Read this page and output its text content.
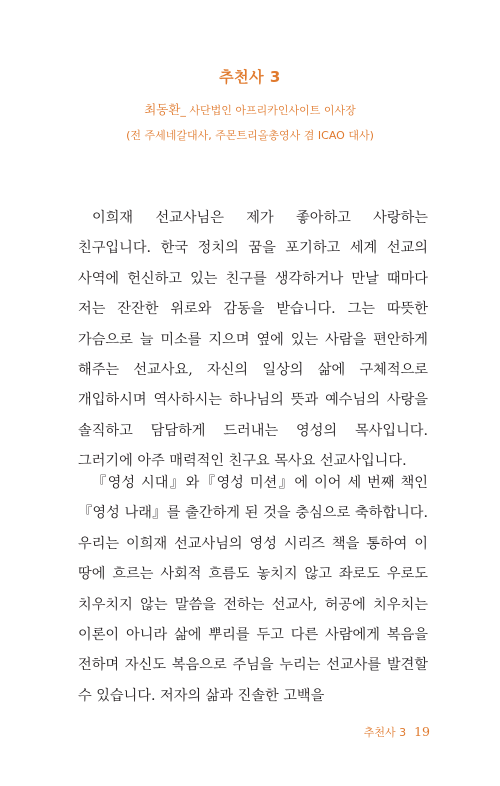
추천사 3
최동환_ 사단법인 아프리카인사이트 이사장
(전 주세네갈대사, 주몬트리올총영사 겸 ICAO 대사)

이희재 선교사님은 제가 좋아하고 사랑하는 친구입니다. 한국 정치의 꿈을 포기하고 세계 선교의 사역에 헌신하고 있는 친구를 생각하거나 만날 때마다 저는 잔잔한 위로와 감동을 받습니다. 그는 따뜻한 가슴으로 늘 미소를 지으며 옆에 있는 사람을 편안하게 해주는 선교사요, 자신의 일상의 삶에 구체적으로 개입하시며 역사하시는 하나님의 뜻과 예수님의 사랑을 솔직하고 담담하게 드러내는 영성의 목사입니다. 그러기에 아주 매력적인 친구요 목사요 선교사입니다.

『영성 시대』와『영성 미션』에 이어 세 번째 책인『영성 나래』를 출간하게 된 것을 충심으로 축하합니다. 우리는 이희재 선교사님의 영성 시리즈 책을 통하여 이 땅에 흐르는 사회적 흐름도 놓치지 않고 좌로도 우로도 치우치지 않는 말씀을 전하는 선교사, 허공에 치우치는 이론이 아니라 삶에 뿌리를 두고 다른 사람에게 복음을 전하며 자신도 복음으로 주님을 누리는 선교사를 발견할 수 있습니다. 저자의 삶과 진솔한 고백을

추천사 3 19
